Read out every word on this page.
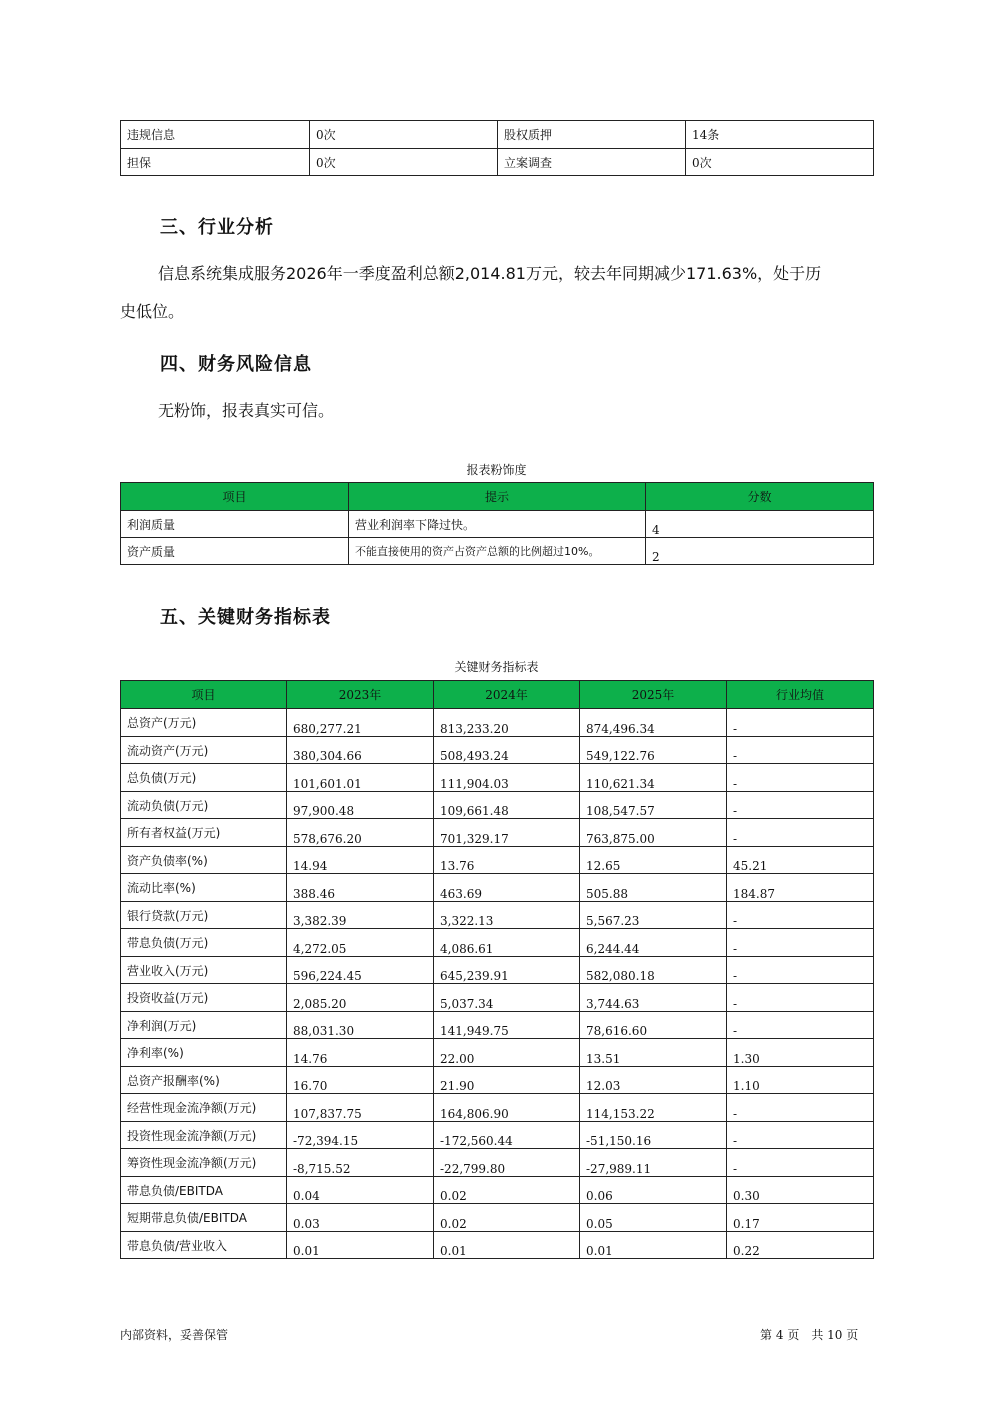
违规信息	0次	股权质押	14条
担保	0次	立案调查	0次
三、行业分析
信息系统集成服务2026年一季度盈利总额2,014.81万元，较去年同期减少171.63%，处于历
史低位。
四、财务风险信息
无粉饰，报表真实可信。
报表粉饰度
项目	提示	分数
利润质量	营业利润率下降过快。	4
资产质量	不能直接使用的资产占资产总额的比例超过10%。	2
五、关键财务指标表
关键财务指标表
项目	2023年	2024年	2025年	行业均值
总资产(万元)	680,277.21	813,233.20	874,496.34	-
流动资产(万元)	380,304.66	508,493.24	549,122.76	-
总负债(万元)	101,601.01	111,904.03	110,621.34	-
流动负债(万元)	97,900.48	109,661.48	108,547.57	-
所有者权益(万元)	578,676.20	701,329.17	763,875.00	-
资产负债率(%)	14.94	13.76	12.65	45.21
流动比率(%)	388.46	463.69	505.88	184.87
银行贷款(万元)	3,382.39	3,322.13	5,567.23	-
带息负债(万元)	4,272.05	4,086.61	6,244.44	-
营业收入(万元)	596,224.45	645,239.91	582,080.18	-
投资收益(万元)	2,085.20	5,037.34	3,744.63	-
净利润(万元)	88,031.30	141,949.75	78,616.60	-
净利率(%)	14.76	22.00	13.51	1.30
总资产报酬率(%)	16.70	21.90	12.03	1.10
经营性现金流净额(万元)	107,837.75	164,806.90	114,153.22	-
投资性现金流净额(万元)	-72,394.15	-172,560.44	-51,150.16	-
筹资性现金流净额(万元)	-8,715.52	-22,799.80	-27,989.11	-
带息负债/EBITDA	0.04	0.02	0.06	0.30
短期带息负债/EBITDA	0.03	0.02	0.05	0.17
带息负债/营业收入	0.01	0.01	0.01	0.22
内部资料，妥善保管	第 4 页　共 10 页
